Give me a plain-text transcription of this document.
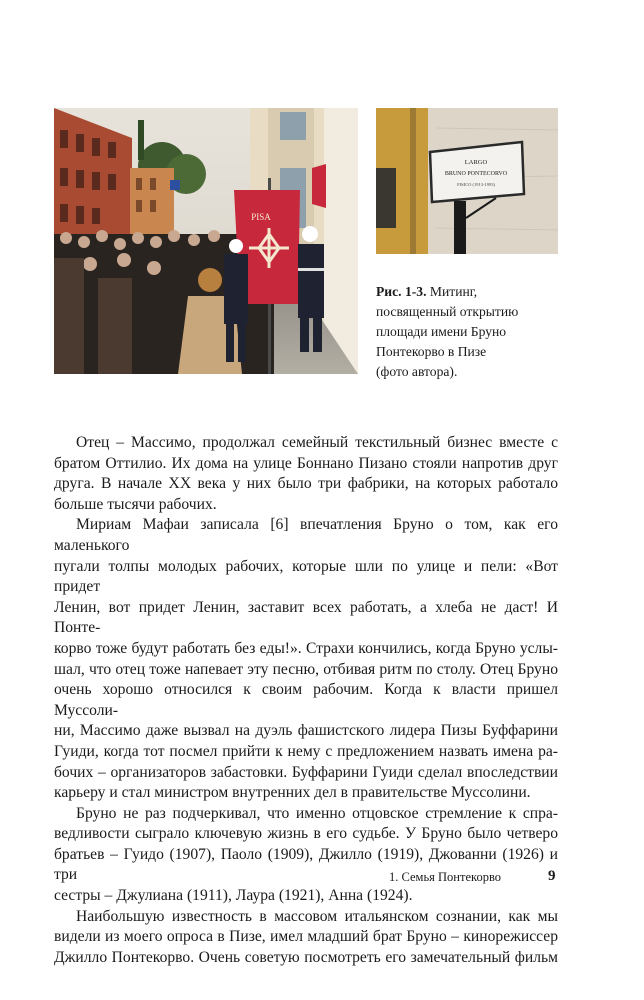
PISA
LARGO
BRUNO PONTECORVO
FISICO (1913-1993)
Рис. 1-3. Митинг,
посвященный открытию
площади имени Бруно
Понтекорво в Пизе
(фото автора).
Отец – Массимо, продолжал семейный текстильный бизнес вместе с
братом Оттилио. Их дома на улице Боннано Пизано стояли напротив друг
друга. В начале XX века у них было три фабрики, на которых работало
больше тысячи рабочих.
Мириам Мафаи записала [6] впечатления Бруно о том, как его маленького
пугали толпы молодых рабочих, которые шли по улице и пели: «Вот придет
Ленин, вот придет Ленин, заставит всех работать, а хлеба не даст! И Понте-
корво тоже будут работать без еды!». Страхи кончились, когда Бруно услы-
шал, что отец тоже напевает эту песню, отбивая ритм по столу. Отец Бруно
очень хорошо относился к своим рабочим. Когда к власти пришел Муссоли-
ни, Массимо даже вызвал на дуэль фашистского лидера Пизы Буффарини
Гуиди, когда тот посмел прийти к нему с предложением назвать имена ра-
бочих – организаторов забастовки. Буффарини Гуиди сделал впоследствии
карьеру и стал министром внутренних дел в правительстве Муссолини.
Бруно не раз подчеркивал, что именно отцовское стремление к спра-
ведливости сыграло ключевую жизнь в его судьбе. У Бруно было четверо
братьев – Гуидо (1907), Паоло (1909), Джилло (1919), Джованни (1926) и три
сестры – Джулиана (1911), Лаура (1921), Анна (1924).
Наибольшую известность в массовом итальянском сознании, как мы
видели из моего опроса в Пизе, имел младший брат Бруно – кинорежиссер
Джилло Понтекорво. Очень советую посмотреть его замечательный фильм
1. Семья Понтекорво	9
